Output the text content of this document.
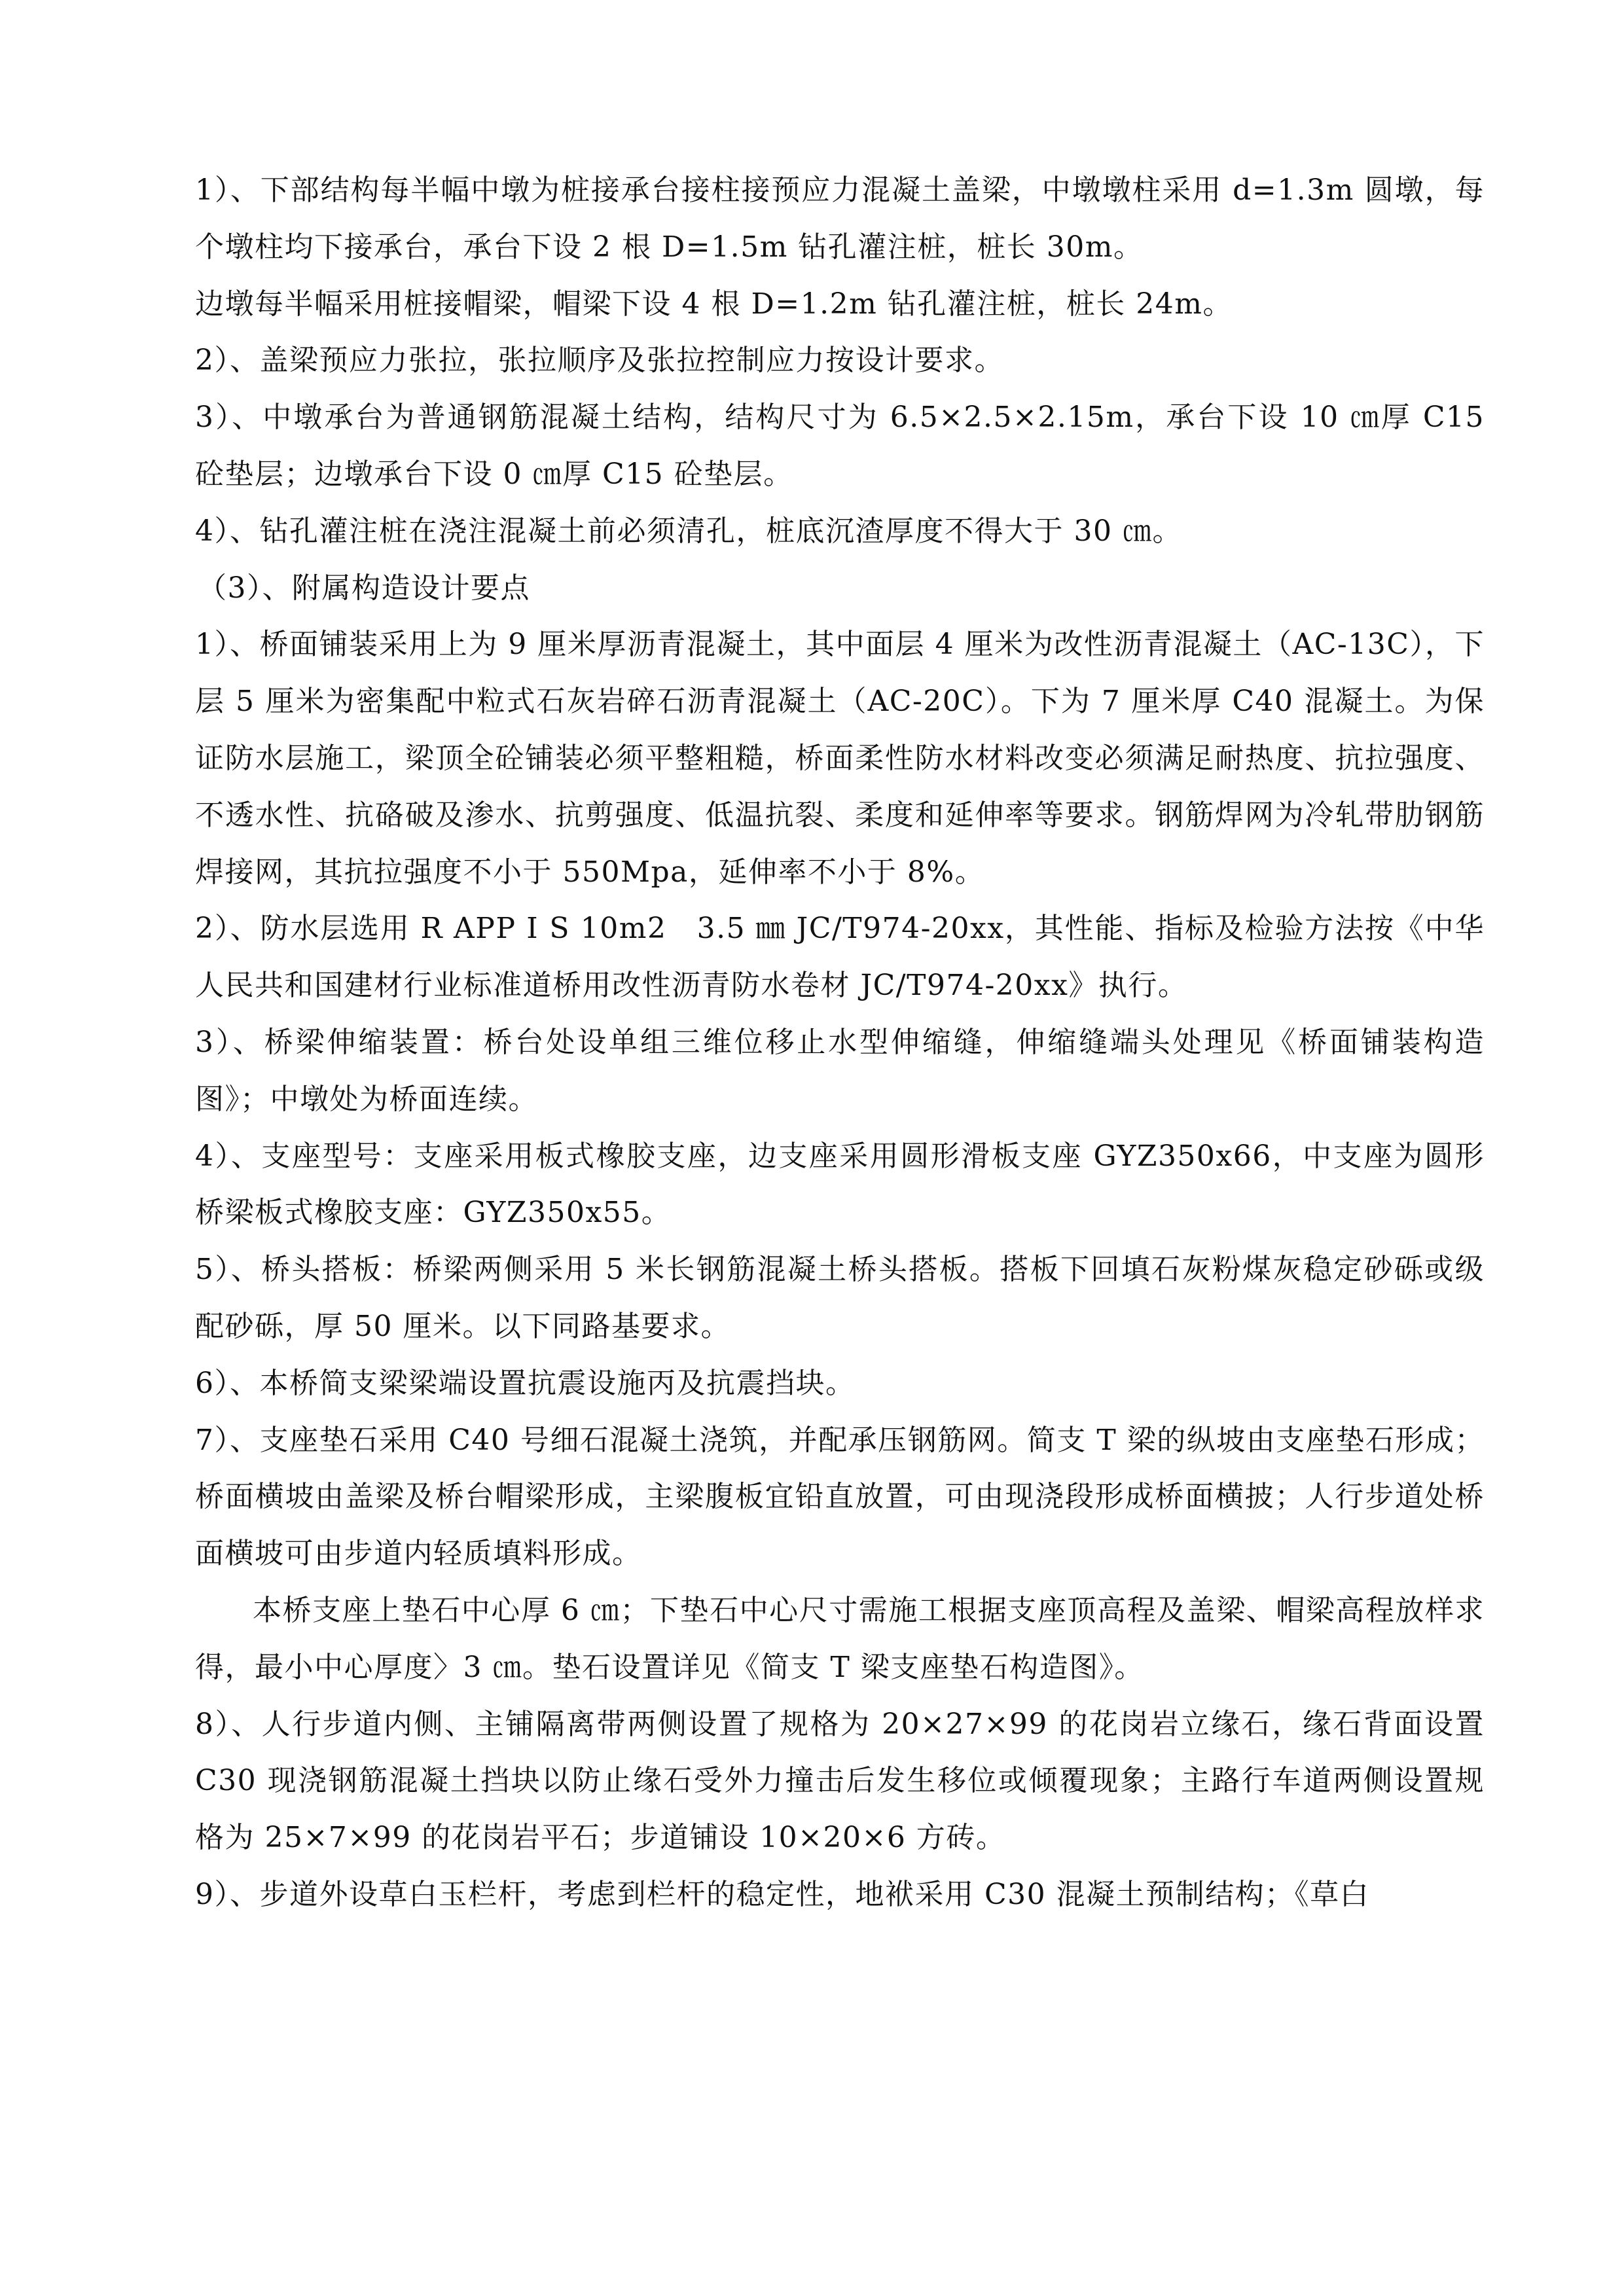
1）、下部结构每半幅中墩为桩接承台接柱接预应力混凝土盖梁，中墩墩柱采用 d=1.3m 圆墩，每个墩柱均下接承台，承台下设 2 根 D=1.5m 钻孔灌注桩，桩长 30m。

边墩每半幅采用桩接帽梁，帽梁下设 4 根 D=1.2m 钻孔灌注桩，桩长 24m。

2）、盖梁预应力张拉，张拉顺序及张拉控制应力按设计要求。

3）、中墩承台为普通钢筋混凝土结构，结构尺寸为 6.5×2.5×2.15m，承台下设 10 ㎝厚 C15 砼垫层；边墩承台下设 0 ㎝厚 C15 砼垫层。

4）、钻孔灌注桩在浇注混凝土前必须清孔，桩底沉渣厚度不得大于 30 ㎝。

（3）、附属构造设计要点

1）、桥面铺装采用上为 9 厘米厚沥青混凝土，其中面层 4 厘米为改性沥青混凝土（AC-13C），下层 5 厘米为密集配中粒式石灰岩碎石沥青混凝土（AC-20C）。下为 7 厘米厚 C40 混凝土。为保证防水层施工，梁顶全砼铺装必须平整粗糙，桥面柔性防水材料改变必须满足耐热度、抗拉强度、不透水性、抗硌破及渗水、抗剪强度、低温抗裂、柔度和延伸率等要求。钢筋焊网为冷轧带肋钢筋焊接网，其抗拉强度不小于 550Mpa，延伸率不小于 8%。

2）、防水层选用 R APP Ⅰ S 10m2　3.5 ㎜ JC/T974-20xx，其性能、指标及检验方法按《中华人民共和国建材行业标准道桥用改性沥青防水卷材 JC/T974-20xx》执行。

3）、桥梁伸缩装置：桥台处设单组三维位移止水型伸缩缝，伸缩缝端头处理见《桥面铺装构造图》；中墩处为桥面连续。

4）、支座型号：支座采用板式橡胶支座，边支座采用圆形滑板支座 GYZ350x66，中支座为圆形桥梁板式橡胶支座：GYZ350x55。

5）、桥头搭板：桥梁两侧采用 5 米长钢筋混凝土桥头搭板。搭板下回填石灰粉煤灰稳定砂砾或级配砂砾，厚 50 厘米。以下同路基要求。

6）、本桥简支梁梁端设置抗震设施丙及抗震挡块。

7）、支座垫石采用 C40 号细石混凝土浇筑，并配承压钢筋网。简支 T 梁的纵坡由支座垫石形成；桥面横坡由盖梁及桥台帽梁形成，主梁腹板宜铅直放置，可由现浇段形成桥面横披；人行步道处桥面横坡可由步道内轻质填料形成。

本桥支座上垫石中心厚 6 ㎝；下垫石中心尺寸需施工根据支座顶高程及盖梁、帽梁高程放样求得，最小中心厚度〉3 ㎝。垫石设置详见《简支 T 梁支座垫石构造图》。

8）、人行步道内侧、主铺隔离带两侧设置了规格为 20×27×99 的花岗岩立缘石，缘石背面设置 C30 现浇钢筋混凝土挡块以防止缘石受外力撞击后发生移位或倾覆现象；主路行车道两侧设置规格为 25×7×99 的花岗岩平石；步道铺设 10×20×6 方砖。

9）、步道外设草白玉栏杆，考虑到栏杆的稳定性，地袱采用 C30 混凝土预制结构；《草白
